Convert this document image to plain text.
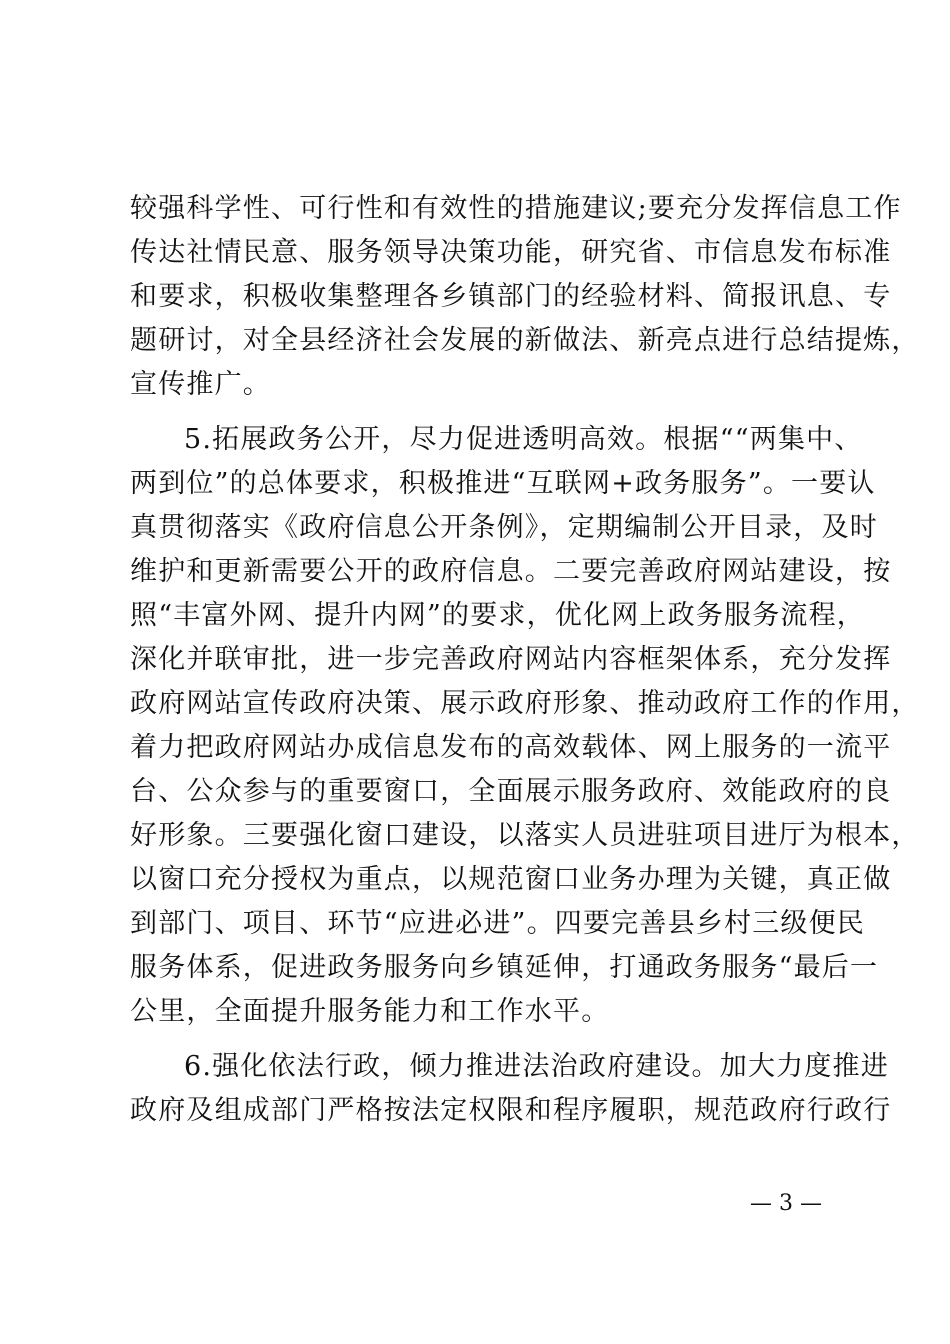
较强科学性、可行性和有效性的措施建议;要充分发挥信息工作
传达社情民意、服务领导决策功能，研究省、市信息发布标准
和要求，积极收集整理各乡镇部门的经验材料、简报讯息、专
题研讨，对全县经济社会发展的新做法、新亮点进行总结提炼，
宣传推广。
5.拓展政务公开，尽力促进透明高效。根据““两集中、
两到位”的总体要求，积极推进“互联网+政务服务”。一要认
真贯彻落实《政府信息公开条例》，定期编制公开目录，及时
维护和更新需要公开的政府信息。二要完善政府网站建设，按
照“丰富外网、提升内网”的要求，优化网上政务服务流程，
深化并联审批，进一步完善政府网站内容框架体系，充分发挥
政府网站宣传政府决策、展示政府形象、推动政府工作的作用，
着力把政府网站办成信息发布的高效载体、网上服务的一流平
台、公众参与的重要窗口，全面展示服务政府、效能政府的良
好形象。三要强化窗口建设，以落实人员进驻项目进厅为根本，
以窗口充分授权为重点，以规范窗口业务办理为关键，真正做
到部门、项目、环节“应进必进”。四要完善县乡村三级便民
服务体系，促进政务服务向乡镇延伸，打通政务服务“最后一
公里，全面提升服务能力和工作水平。
6.强化依法行政，倾力推进法治政府建设。加大力度推进
政府及组成部门严格按法定权限和程序履职，规范政府行政行
— 3 —
